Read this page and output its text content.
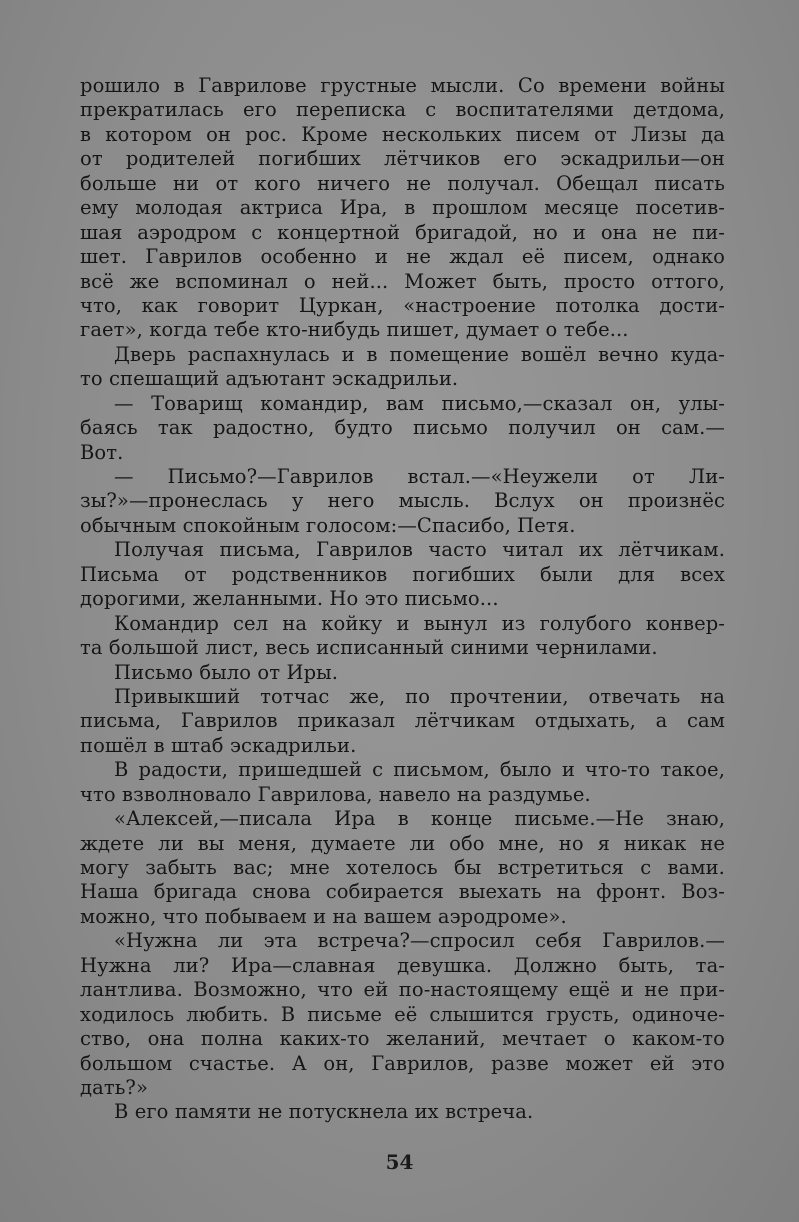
рошило в Гаврилове грустные мысли. Со времени войны
прекратилась его переписка с воспитателями детдома,
в котором он рос. Кроме нескольких писем от Лизы да
от родителей погибших лётчиков его эскадрильи—он
больше ни от кого ничего не получал. Обещал писать
ему молодая актриса Ира, в прошлом месяце посетив-
шая аэродром с концертной бригадой, но и она не пи-
шет. Гаврилов особенно и не ждал её писем, однако
всё же вспоминал о ней... Может быть, просто оттого,
что, как говорит Цуркан, «настроение потолка дости-
гает», когда тебе кто-нибудь пишет, думает о тебе...
Дверь распахнулась и в помещение вошёл вечно куда-
то спешащий адъютант эскадрильи.
— Товарищ командир, вам письмо,—сказал он, улы-
баясь так радостно, будто письмо получил он сам.—
Вот.
— Письмо?—Гаврилов встал.—«Неужели от Ли-
зы?»—пронеслась у него мысль. Вслух он произнёс
обычным спокойным голосом:—Спасибо, Петя.
Получая письма, Гаврилов часто читал их лётчикам.
Письма от родственников погибших были для всех
дорогими, желанными. Но это письмо...
Командир сел на койку и вынул из голубого конвер-
та большой лист, весь исписанный синими чернилами.
Письмо было от Иры.
Привыкший тотчас же, по прочтении, отвечать на
письма, Гаврилов приказал лётчикам отдыхать, а сам
пошёл в штаб эскадрильи.
В радости, пришедшей с письмом, было и что-то такое,
что взволновало Гаврилова, навело на раздумье.
«Алексей,—писала Ира в конце письме.—Не знаю,
ждете ли вы меня, думаете ли обо мне, но я никак не
могу забыть вас; мне хотелось бы встретиться с вами.
Наша бригада снова собирается выехать на фронт. Воз-
можно, что побываем и на вашем аэродроме».
«Нужна ли эта встреча?—спросил себя Гаврилов.—
Нужна ли? Ира—славная девушка. Должно быть, та-
лантлива. Возможно, что ей по-настоящему ещё и не при-
ходилось любить. В письме её слышится грусть, одиноче-
ство, она полна каких-то желаний, мечтает о каком-то
большом счастье. А он, Гаврилов, разве может ей это
дать?»
В его памяти не потускнела их встреча.
54
